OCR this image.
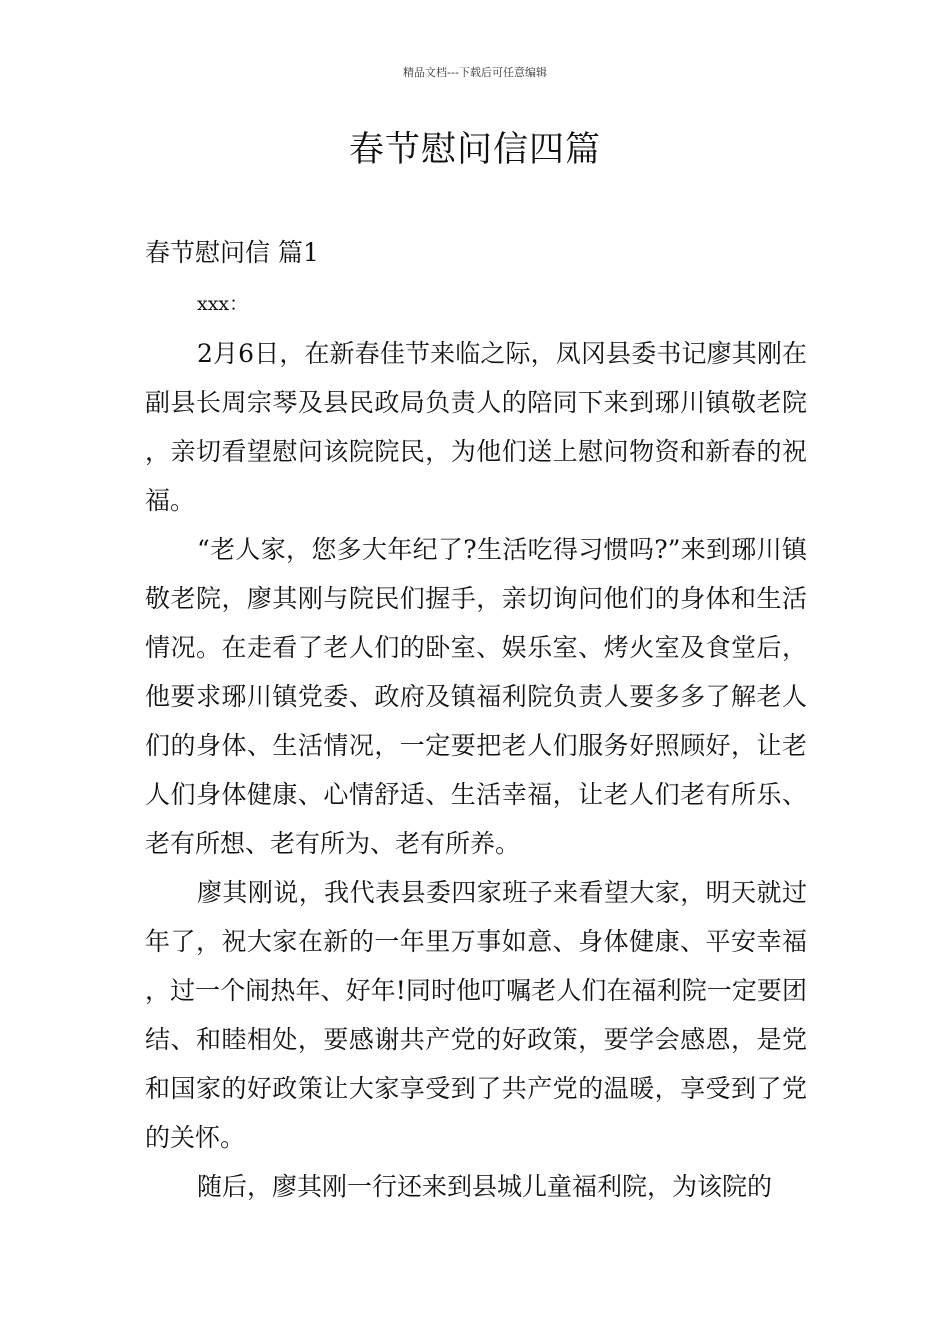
精品文档---下载后可任意编辑
春节慰问信四篇
春节慰问信 篇1

xxx：

2月6日，在新春佳节来临之际，凤冈县委书记廖其刚在副县长周宗琴及县民政局负责人的陪同下来到琊川镇敬老院，亲切看望慰问该院院民，为他们送上慰问物资和新春的祝福。

“老人家，您多大年纪了?生活吃得习惯吗?”来到琊川镇敬老院，廖其刚与院民们握手，亲切询问他们的身体和生活情况。在走看了老人们的卧室、娱乐室、烤火室及食堂后，他要求琊川镇党委、政府及镇福利院负责人要多多了解老人们的身体、生活情况，一定要把老人们服务好照顾好，让老人们身体健康、心情舒适、生活幸福，让老人们老有所乐、老有所想、老有所为、老有所养。

廖其刚说，我代表县委四家班子来看望大家，明天就过年了，祝大家在新的一年里万事如意、身体健康、平安幸福，过一个闹热年、好年!同时他叮嘱老人们在福利院一定要团结、和睦相处，要感谢共产党的好政策，要学会感恩，是党和国家的好政策让大家享受到了共产党的温暖，享受到了党的关怀。

随后，廖其刚一行还来到县城儿童福利院，为该院的
